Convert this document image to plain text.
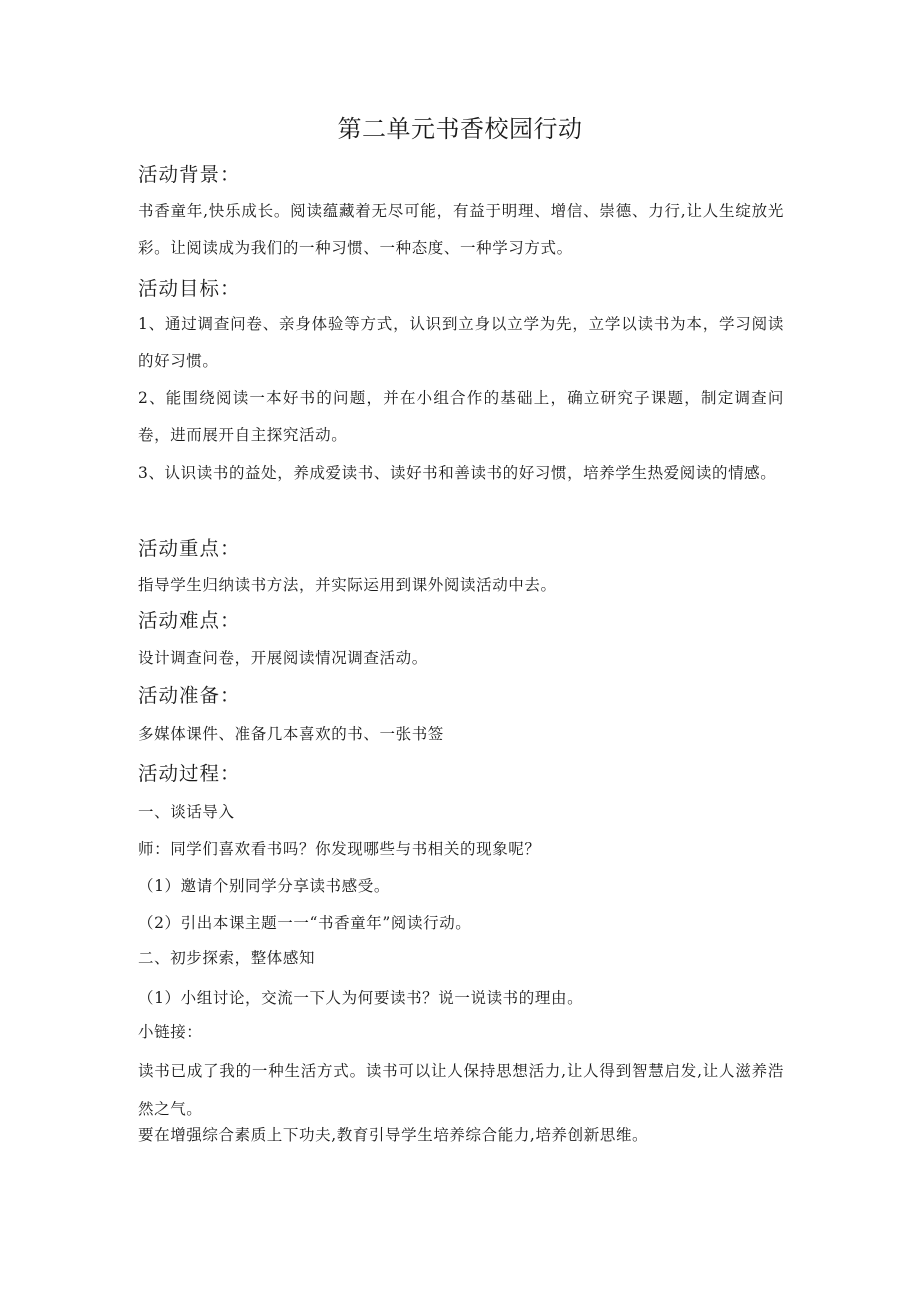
第二单元书香校园行动
活动背景：
书香童年,快乐成长。阅读蕴藏着无尽可能，有益于明理、增信、崇德、力行,让人生绽放光彩。让阅读成为我们的一种习惯、一种态度、一种学习方式。
活动目标：
1、通过调查问卷、亲身体验等方式，认识到立身以立学为先，立学以读书为本，学习阅读的好习惯。
2、能围绕阅读一本好书的问题，并在小组合作的基础上，确立研究子课题，制定调查问卷，进而展开自主探究活动。
3、认识读书的益处，养成爱读书、读好书和善读书的好习惯，培养学生热爱阅读的情感。
活动重点：
指导学生归纳读书方法，并实际运用到课外阅读活动中去。
活动难点：
设计调查问卷，开展阅读情况调查活动。
活动准备：
多媒体课件、准备几本喜欢的书、一张书签
活动过程：
一、谈话导入
师：同学们喜欢看书吗？你发现哪些与书相关的现象呢？
（1）邀请个别同学分享读书感受。
（2）引出本课主题一一“书香童年”阅读行动。
二、初步探索，整体感知
（1）小组讨论，交流一下人为何要读书？说一说读书的理由。
小链接：
读书已成了我的一种生活方式。读书可以让人保持思想活力,让人得到智慧启发,让人滋养浩然之气。
要在增强综合素质上下功夫,教育引导学生培养综合能力,培养创新思维。
